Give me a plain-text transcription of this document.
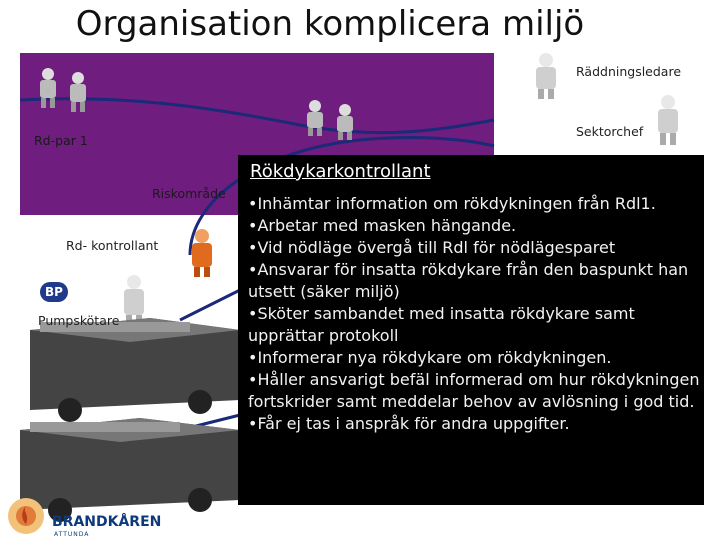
Organisation komplicera miljö
Räddningsledare
Sektorchef
Rd-par 1
Riskområde
Rd- kontrollant
BP
Pumpskötare
Rökdykarkontrollant
•Inhämtar information om rökdykningen från Rdl1.
•Arbetar med masken hängande.
•Vid nödläge övergå till Rdl för nödlägesparet
•Ansvarar för insatta rökdykare från den baspunkt han utsett (säker miljö)
•Sköter sambandet med insatta rökdykare samt upprättar protokoll
•Informerar nya rökdykare om rökdykningen.
•Håller ansvarigt befäl informerad om hur rökdykningen fortskrider samt meddelar behov av avlösning i god tid.
•Får ej tas i anspråk för andra uppgifter.
BRANDKÅREN
ATTUNDA
